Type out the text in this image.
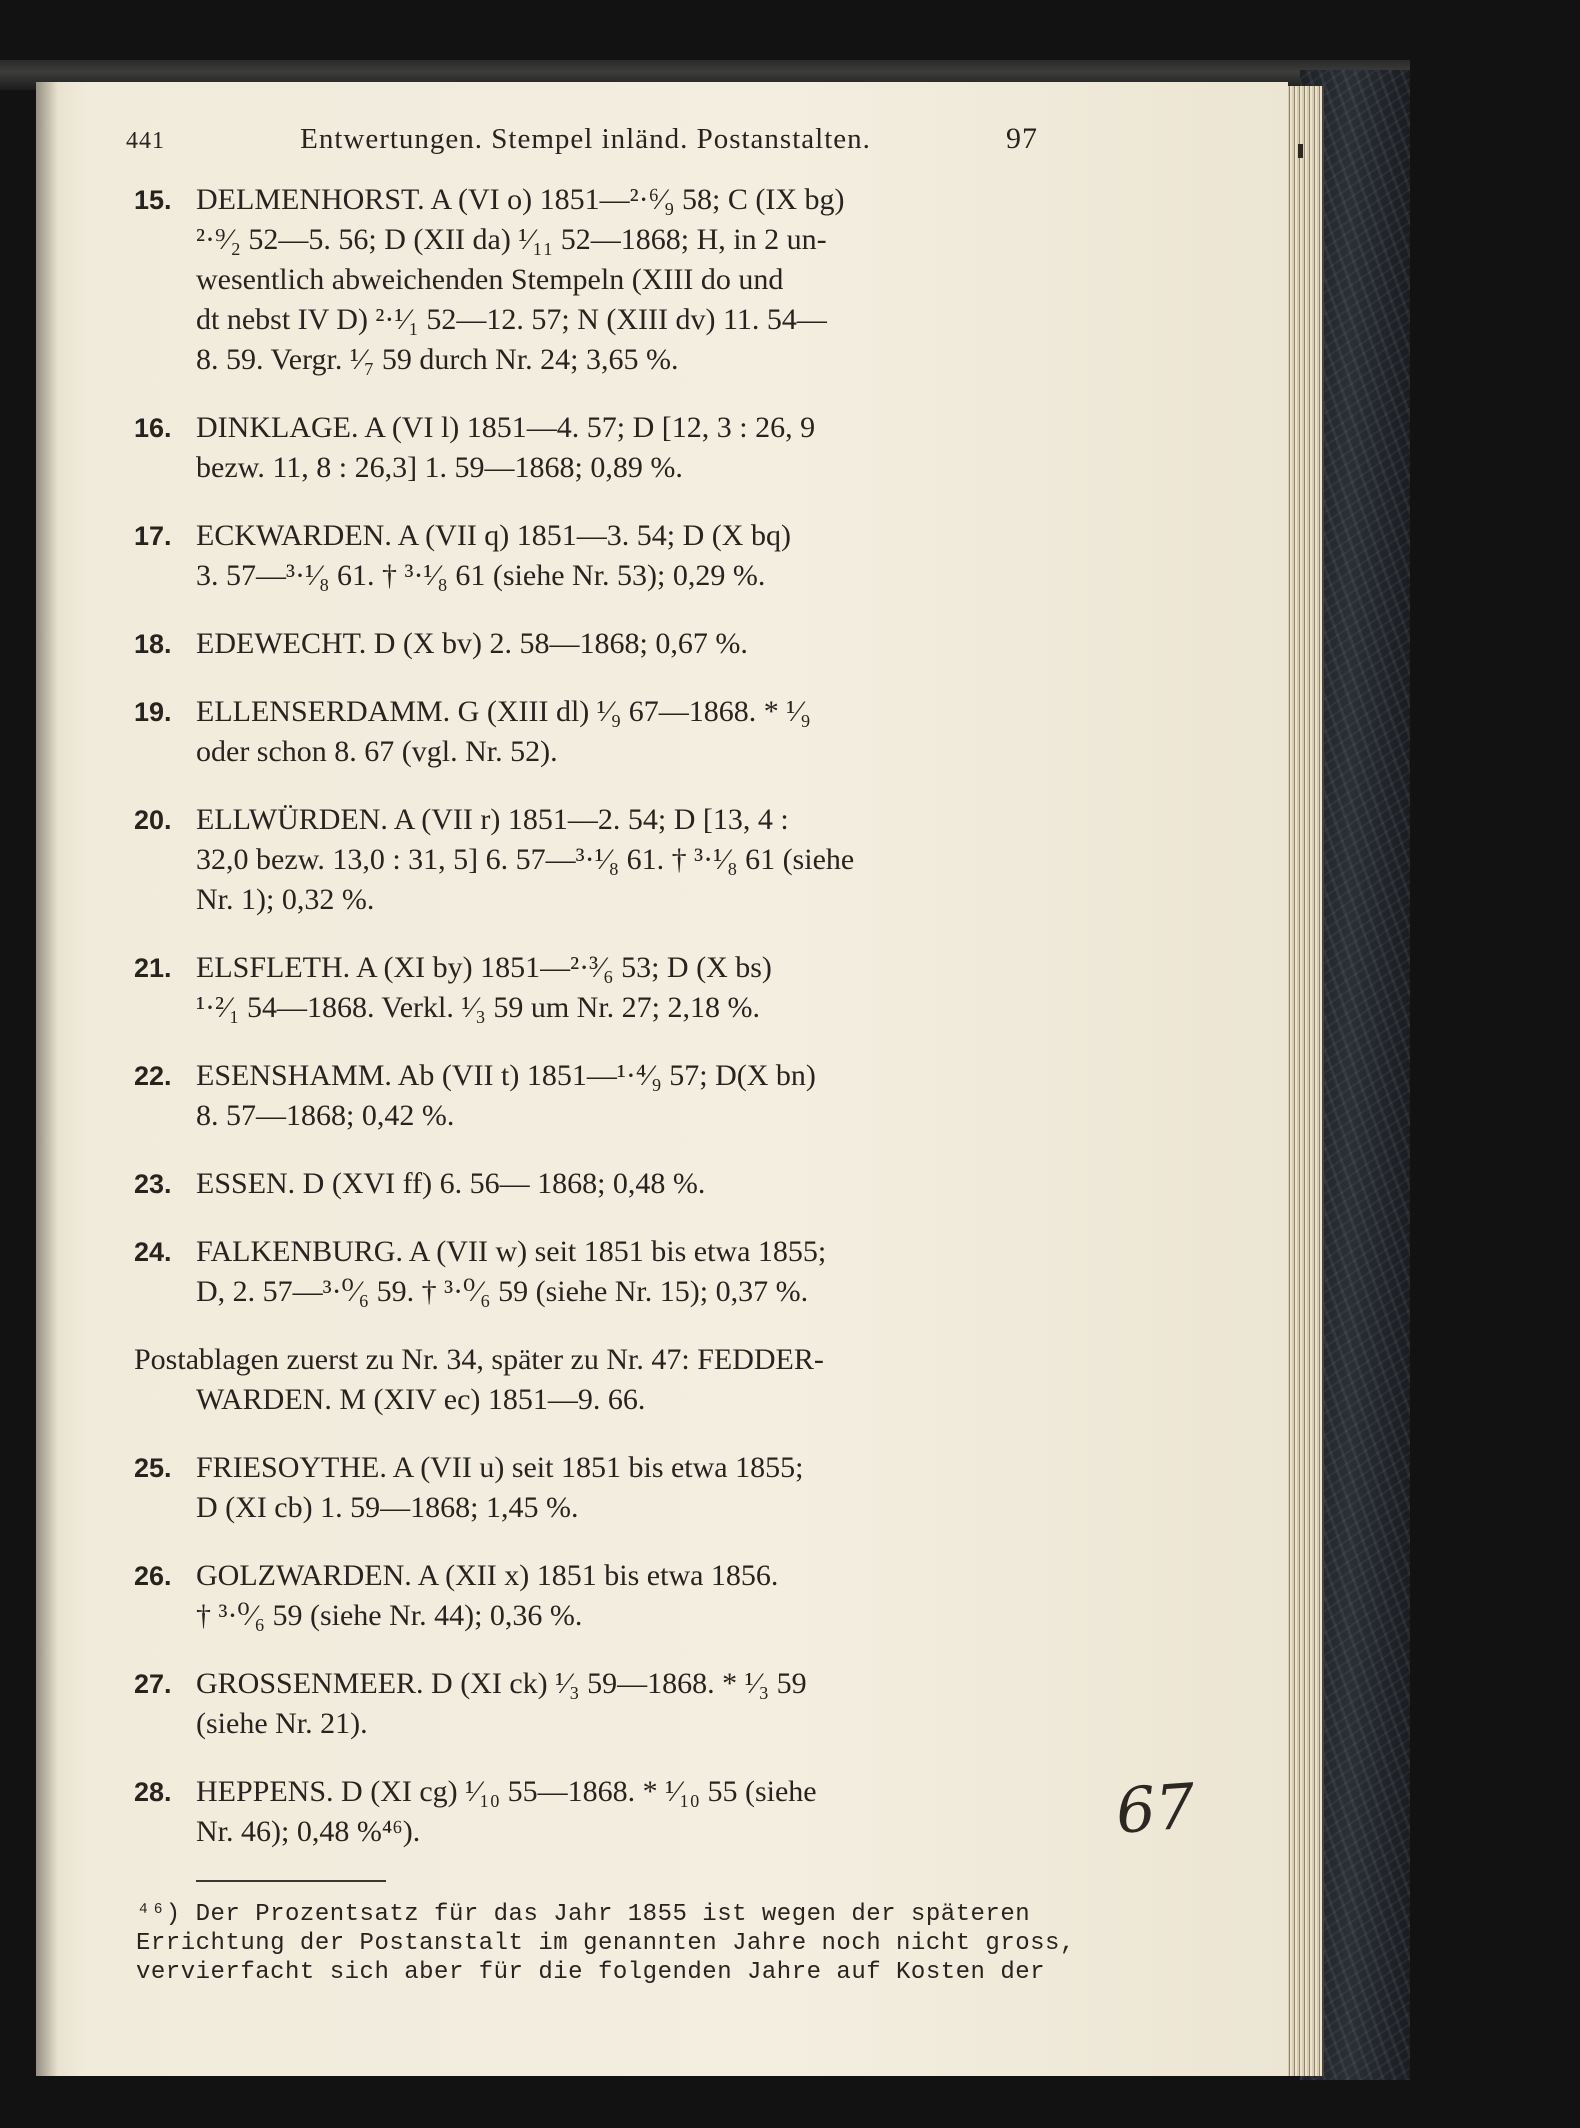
441	Entwertungen. Stempel inländ. Postanstalten.	97
15. DELMENHORST. A (VI o) 1851—²·⁶⁄₉ 58; C (IX bg)
²·⁹⁄₂ 52—5. 56; D (XII da) ¹⁄₁₁ 52—1868; H, in 2 un-
wesentlich abweichenden Stempeln (XIII do und
dt nebst IV D) ²·¹⁄₁ 52—12. 57; N (XIII dv) 11. 54—
8. 59. Vergr. ¹⁄₇ 59 durch Nr. 24; 3,65 %.
16. DINKLAGE. A (VI l) 1851—4. 57; D [12, 3 : 26, 9
bezw. 11, 8 : 26,3] 1. 59—1868; 0,89 %.
17. ECKWARDEN. A (VII q) 1851—3. 54; D (X bq)
3. 57—³·¹⁄₈ 61. † ³·¹⁄₈ 61 (siehe Nr. 53); 0,29 %.
18. EDEWECHT. D (X bv) 2. 58—1868; 0,67 %.
19. ELLENSERDAMM. G (XIII dl) ¹⁄₉ 67—1868. * ¹⁄₉
oder schon 8. 67 (vgl. Nr. 52).
20. ELLWÜRDEN. A (VII r) 1851—2. 54; D [13, 4 :
32,0 bezw. 13,0 : 31, 5] 6. 57—³·¹⁄₈ 61. † ³·¹⁄₈ 61 (siehe
Nr. 1); 0,32 %.
21. ELSFLETH. A (XI by) 1851—²·³⁄₆ 53; D (X bs)
¹·²⁄₁ 54—1868. Verkl. ¹⁄₃ 59 um Nr. 27; 2,18 %.
22. ESENSHAMM. Ab (VII t) 1851—¹·⁴⁄₉ 57; D(X bn)
8. 57—1868; 0,42 %.
23. ESSEN. D (XVI ff) 6. 56— 1868; 0,48 %.
24. FALKENBURG. A (VII w) seit 1851 bis etwa 1855;
D, 2. 57—³·⁰⁄₆ 59. † ³·⁰⁄₆ 59 (siehe Nr. 15); 0,37 %.
Postablagen zuerst zu Nr. 34, später zu Nr. 47: FEDDER-
WARDEN. M (XIV ec) 1851—9. 66.
25. FRIESOYTHE. A (VII u) seit 1851 bis etwa 1855;
D (XI cb) 1. 59—1868; 1,45 %.
26. GOLZWARDEN. A (XII x) 1851 bis etwa 1856.
† ³·⁰⁄₆ 59 (siehe Nr. 44); 0,36 %.
27. GROSSENMEER. D (XI ck) ¹⁄₃ 59—1868. * ¹⁄₃ 59
(siehe Nr. 21).
28. HEPPENS. D (XI cg) ¹⁄₁₀ 55—1868. * ¹⁄₁₀ 55 (siehe
Nr. 46); 0,48 %⁴⁶).
⁴⁶) Der Prozentsatz für das Jahr 1855 ist wegen der späteren
Errichtung der Postanstalt im genannten Jahre noch nicht gross,
vervierfacht sich aber für die folgenden Jahre auf Kosten der
67
